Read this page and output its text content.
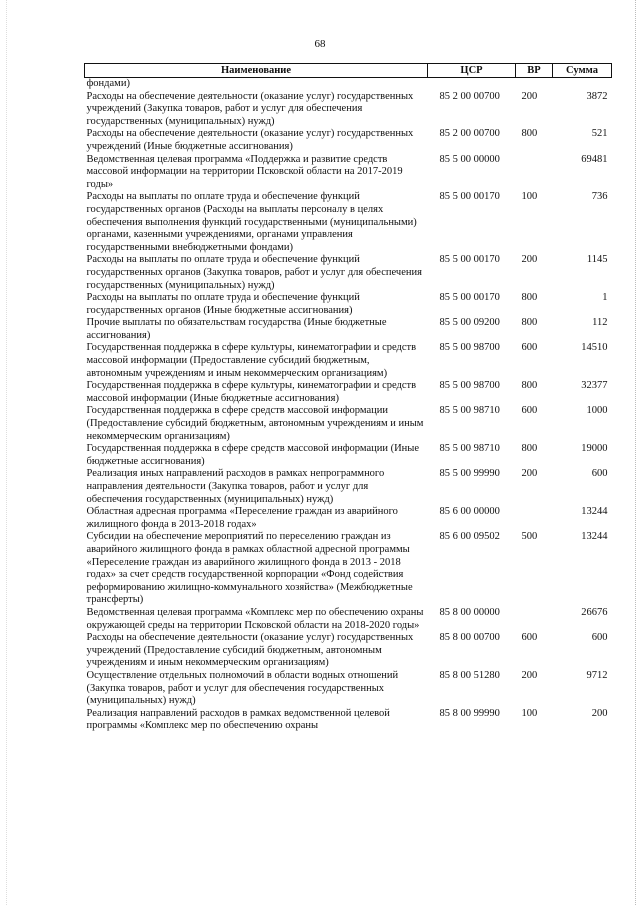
68
Наименование	ЦСР	ВР	Сумма
фондами)			
Расходы на обеспечение деятельности (оказание услуг) государственных учреждений (Закупка товаров, работ и услуг для обеспечения государственных (муниципальных) нужд)	85 2 00 00700	200	3872
Расходы на обеспечение деятельности (оказание услуг) государственных учреждений (Иные бюджетные ассигнования)	85 2 00 00700	800	521
Ведомственная целевая программа «Поддержка и развитие средств массовой информации на территории Псковской области на 2017-2019 годы»	85 5 00 00000		69481
Расходы на выплаты по оплате труда и обеспечение функций государственных органов (Расходы на выплаты персоналу в целях обеспечения выполнения функций государственными (муниципальными) органами, казенными учреждениями, органами управления государственными внебюджетными фондами)	85 5 00 00170	100	736
Расходы на выплаты по оплате труда и обеспечение функций государственных органов (Закупка товаров, работ и услуг для обеспечения государственных (муниципальных) нужд)	85 5 00 00170	200	1145
Расходы на выплаты по оплате труда и обеспечение функций государственных органов (Иные бюджетные ассигнования)	85 5 00 00170	800	1
Прочие выплаты по обязательствам государства (Иные бюджетные ассигнования)	85 5 00 09200	800	112
Государственная поддержка в сфере культуры, кинематографии и средств массовой информации (Предоставление субсидий бюджетным, автономным учреждениям и иным некоммерческим организациям)	85 5 00 98700	600	14510
Государственная поддержка в сфере культуры, кинематографии и средств массовой информации (Иные бюджетные ассигнования)	85 5 00 98700	800	32377
Государственная поддержка в сфере средств массовой информации (Предоставление субсидий бюджетным, автономным учреждениям и иным некоммерческим организациям)	85 5 00 98710	600	1000
Государственная поддержка в сфере средств массовой информации (Иные бюджетные ассигнования)	85 5 00 98710	800	19000
Реализация иных направлений расходов в рамках непрограммного направления деятельности (Закупка товаров, работ и услуг для обеспечения государственных (муниципальных) нужд)	85 5 00 99990	200	600
Областная адресная программа «Переселение граждан из аварийного жилищного фонда в 2013-2018 годах»	85 6 00 00000		13244
Субсидии на обеспечение мероприятий по переселению граждан из аварийного жилищного фонда в рамках областной адресной программы «Переселение граждан из аварийного жилищного фонда в 2013 - 2018 годах» за счет средств государственной корпорации «Фонд содействия реформированию жилищно-коммунального хозяйства» (Межбюджетные трансферты)	85 6 00 09502	500	13244
Ведомственная целевая программа «Комплекс мер по обеспечению охраны окружающей среды на территории Псковской области на 2018-2020 годы»	85 8 00 00000		26676
Расходы на обеспечение деятельности (оказание услуг) государственных учреждений (Предоставление субсидий бюджетным, автономным учреждениям и иным некоммерческим организациям)	85 8 00 00700	600	600
Осуществление отдельных полномочий в области водных отношений (Закупка товаров, работ и услуг для обеспечения государственных (муниципальных) нужд)	85 8 00 51280	200	9712
Реализация направлений расходов в рамках ведомственной целевой программы «Комплекс мер по обеспечению охраны	85 8 00 99990	100	200
